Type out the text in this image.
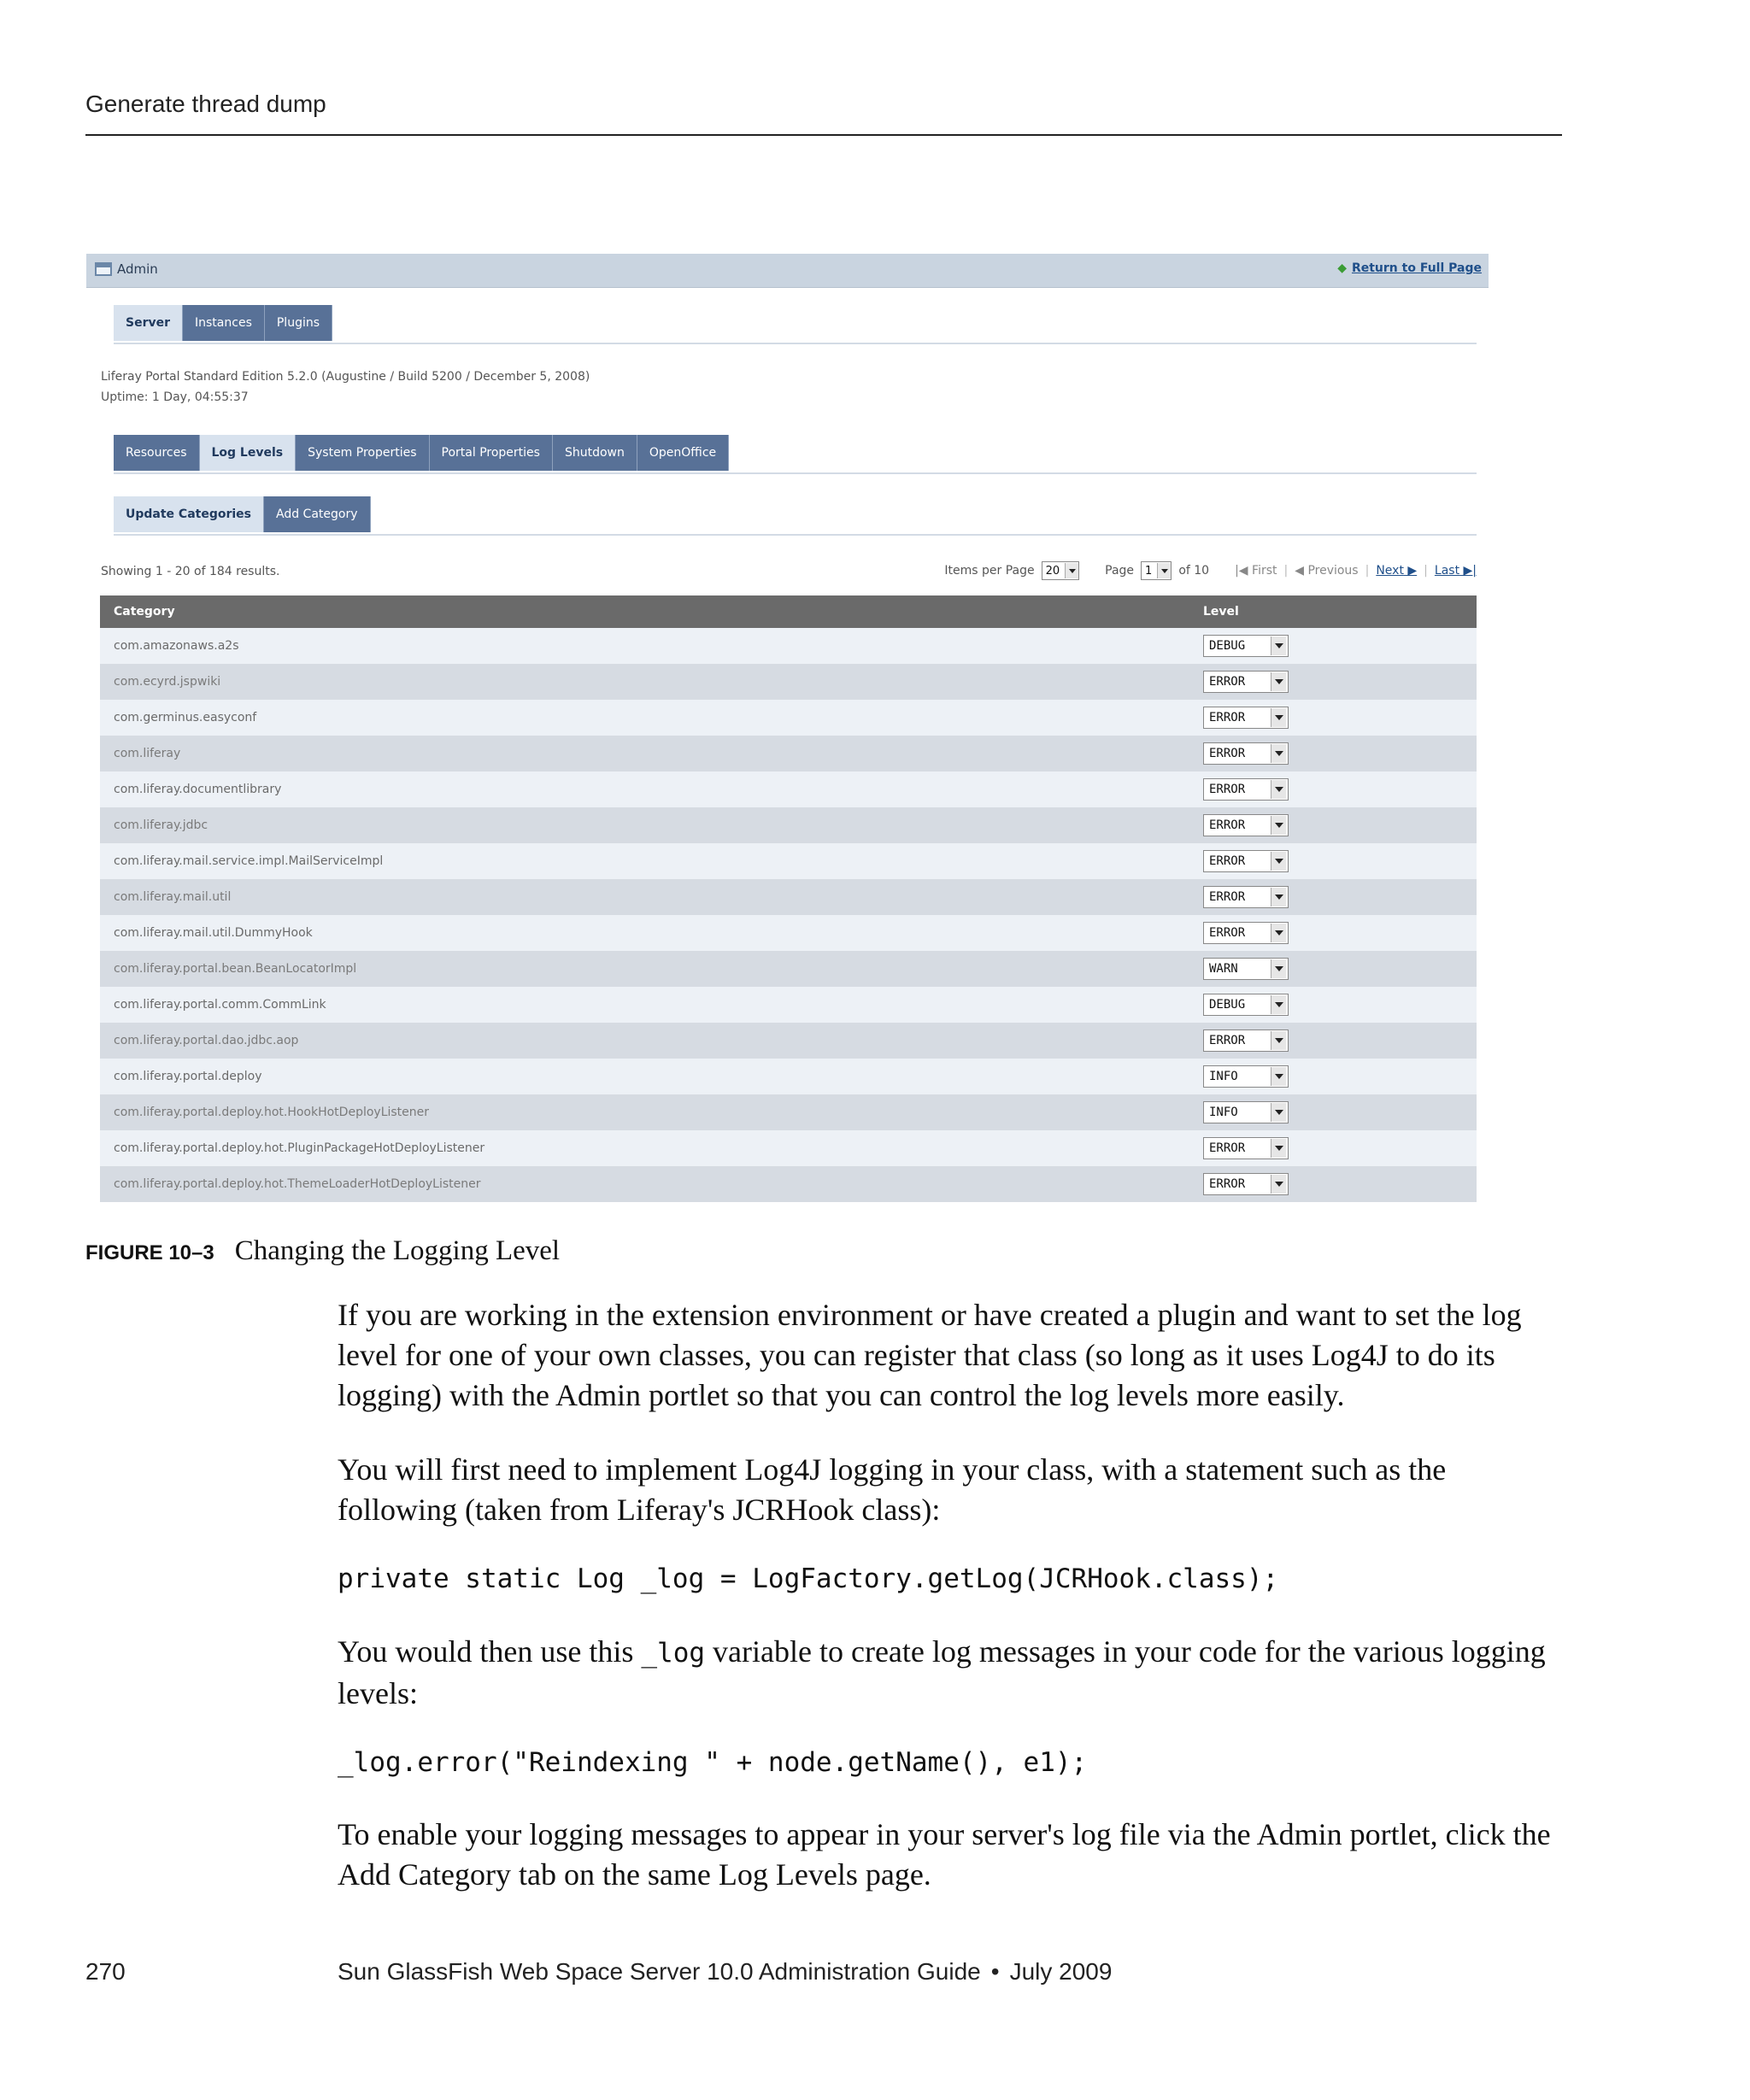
Generate thread dump
Admin	◆ Return to Full Page
Server	Instances	Plugins
Liferay Portal Standard Edition 5.2.0 (Augustine / Build 5200 / December 5, 2008)
Uptime: 1 Day, 04:55:37
Resources	Log Levels	System Properties	Portal Properties	Shutdown	OpenOffice
Update Categories	Add Category
Showing 1 - 20 of 184 results.	Items per Page 20	Page 1 of 10 |◀ First | ◀ Previous | Next ▶ | Last ▶|
Category	Level
com.amazonaws.a2s	DEBUG

com.ecyrd.jspwiki	ERROR

com.germinus.easyconf	ERROR

com.liferay	ERROR

com.liferay.documentlibrary	ERROR

com.liferay.jdbc	ERROR

com.liferay.mail.service.impl.MailServiceImpl	ERROR

com.liferay.mail.util	ERROR

com.liferay.mail.util.DummyHook	ERROR

com.liferay.portal.bean.BeanLocatorImpl	WARN

com.liferay.portal.comm.CommLink	DEBUG

com.liferay.portal.dao.jdbc.aop	ERROR

com.liferay.portal.deploy	INFO

com.liferay.portal.deploy.hot.HookHotDeployListener	INFO

com.liferay.portal.deploy.hot.PluginPackageHotDeployListener	ERROR

com.liferay.portal.deploy.hot.ThemeLoaderHotDeployListener	ERROR
FIGURE 10–3 Changing the Logging Level

If you are working in the extension environment or have created a plugin and want to set the log level for one of your own classes, you can register that class (so long as it uses Log4J to do its logging) with the Admin portlet so that you can control the log levels more easily.

You will first need to implement Log4J logging in your class, with a statement such as the following (taken from Liferay's JCRHook class):

private static Log _log = LogFactory.getLog(JCRHook.class);

You would then use this _log variable to create log messages in your code for the various logging levels:

_log.error("Reindexing " + node.getName(), e1);

To enable your logging messages to appear in your server's log file via the Admin portlet, click the Add Category tab on the same Log Levels page.

270	Sun GlassFish Web Space Server 10.0 Administration Guide • July 2009
